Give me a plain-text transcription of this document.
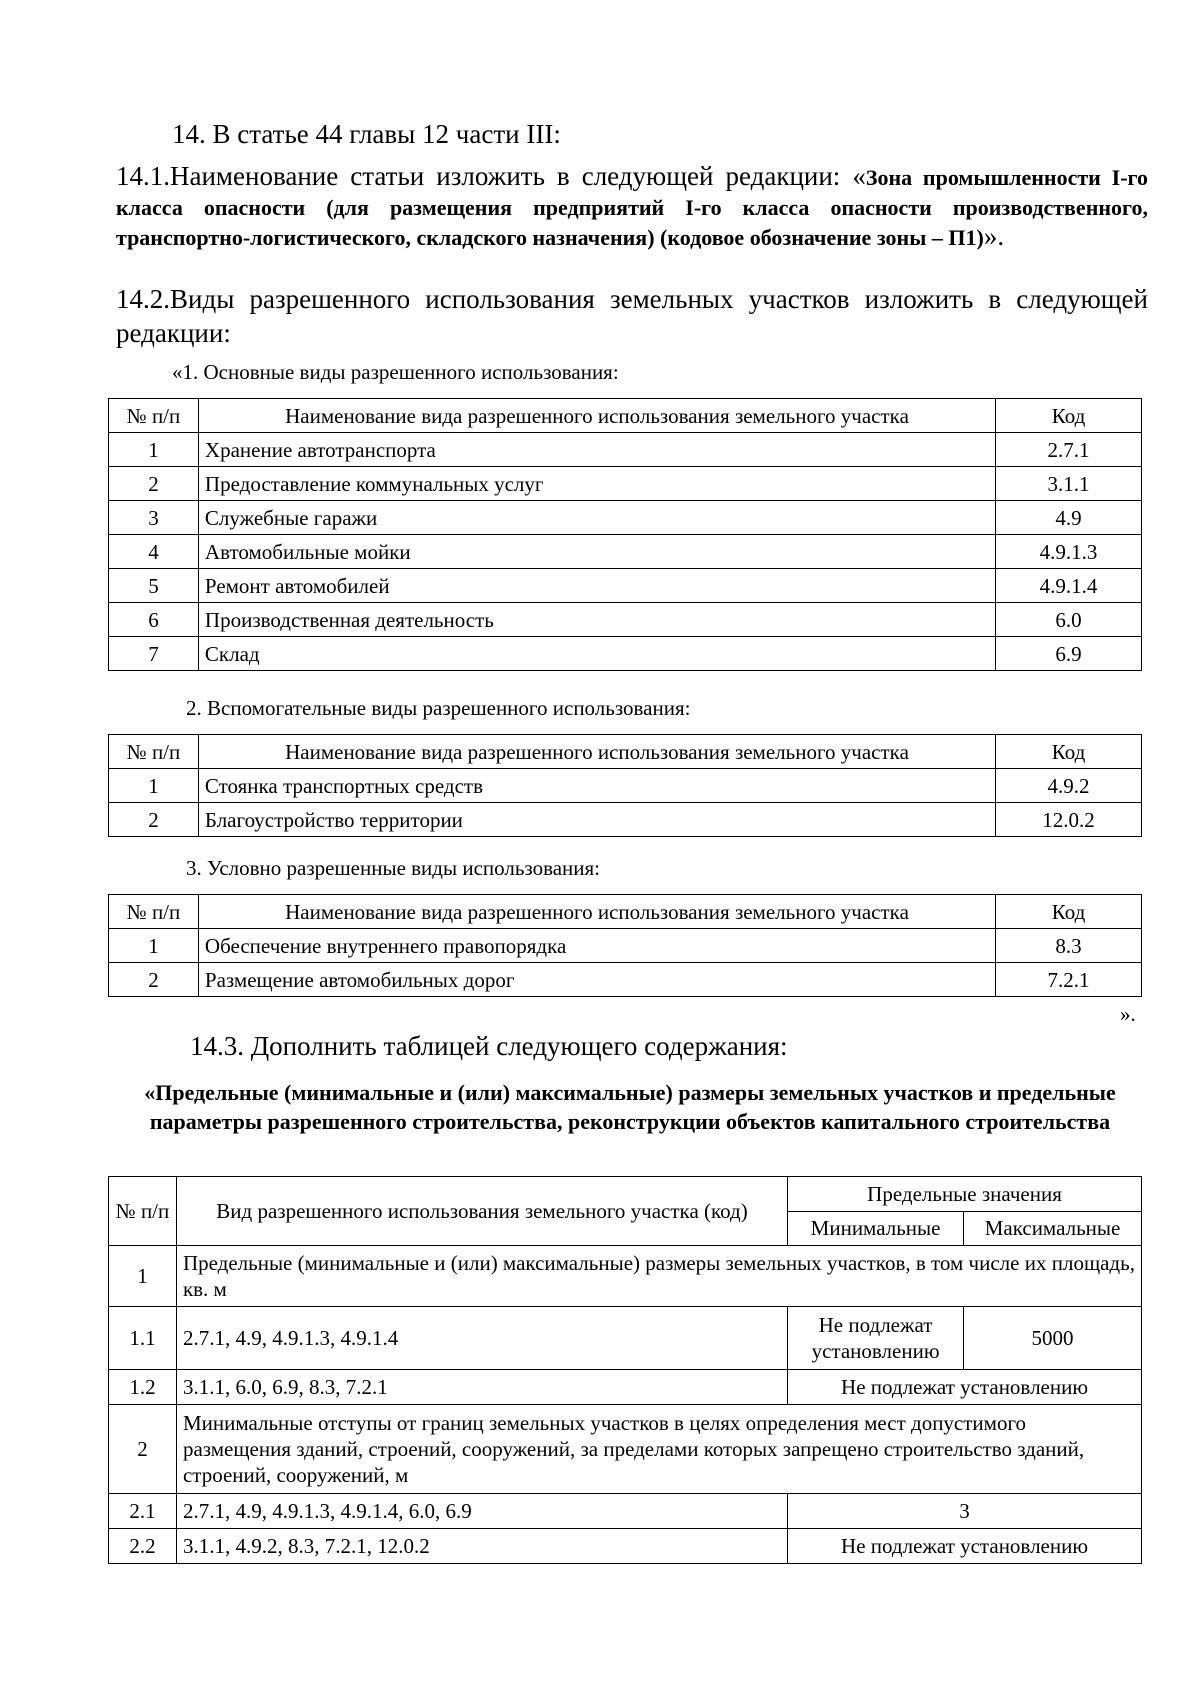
14. В статье 44 главы 12 части III:

14.1.Наименование статьи изложить в следующей редакции: «Зона промышленности I-го класса опасности (для размещения предприятий I-го класса опасности производственного, транспортно-логистического, складского назначения) (кодовое обозначение зоны – П1)».

14.2.Виды разрешенного использования земельных участков изложить в следующей редакции:

«1. Основные виды разрешенного использования:

№ п/п	Наименование вида разрешенного использования земельного участка	Код
1	Хранение автотранспорта	2.7.1
2	Предоставление коммунальных услуг	3.1.1
3	Служебные гаражи	4.9
4	Автомобильные мойки	4.9.1.3
5	Ремонт автомобилей	4.9.1.4
6	Производственная деятельность	6.0
7	Склад	6.9

2. Вспомогательные виды разрешенного использования:

№ п/п	Наименование вида разрешенного использования земельного участка	Код
1	Стоянка транспортных средств	4.9.2
2	Благоустройство территории	12.0.2

3. Условно разрешенные виды использования:

№ п/п	Наименование вида разрешенного использования земельного участка	Код
1	Обеспечение внутреннего правопорядка	8.3
2	Размещение автомобильных дорог	7.2.1

».

14.3. Дополнить таблицей следующего содержания:

«Предельные (минимальные и (или) максимальные) размеры земельных участков и предельные параметры разрешенного строительства, реконструкции объектов капитального строительства

№ п/п	Вид разрешенного использования земельного участка (код)	Предельные значения	
		Минимальные	Максимальные
1	Предельные (минимальные и (или) максимальные) размеры земельных участков, в том числе их площадь, кв. м		
1.1	2.7.1, 4.9, 4.9.1.3, 4.9.1.4	Не подлежат установлению	5000
1.2	3.1.1, 6.0, 6.9, 8.3, 7.2.1	Не подлежат установлению	
2	Минимальные отступы от границ земельных участков в целях определения мест допустимого размещения зданий, строений, сооружений, за пределами которых запрещено строительство зданий, строений, сооружений, м		
2.1	2.7.1, 4.9, 4.9.1.3, 4.9.1.4, 6.0, 6.9	3	
2.2	3.1.1, 4.9.2, 8.3, 7.2.1, 12.0.2	Не подлежат установлению	
